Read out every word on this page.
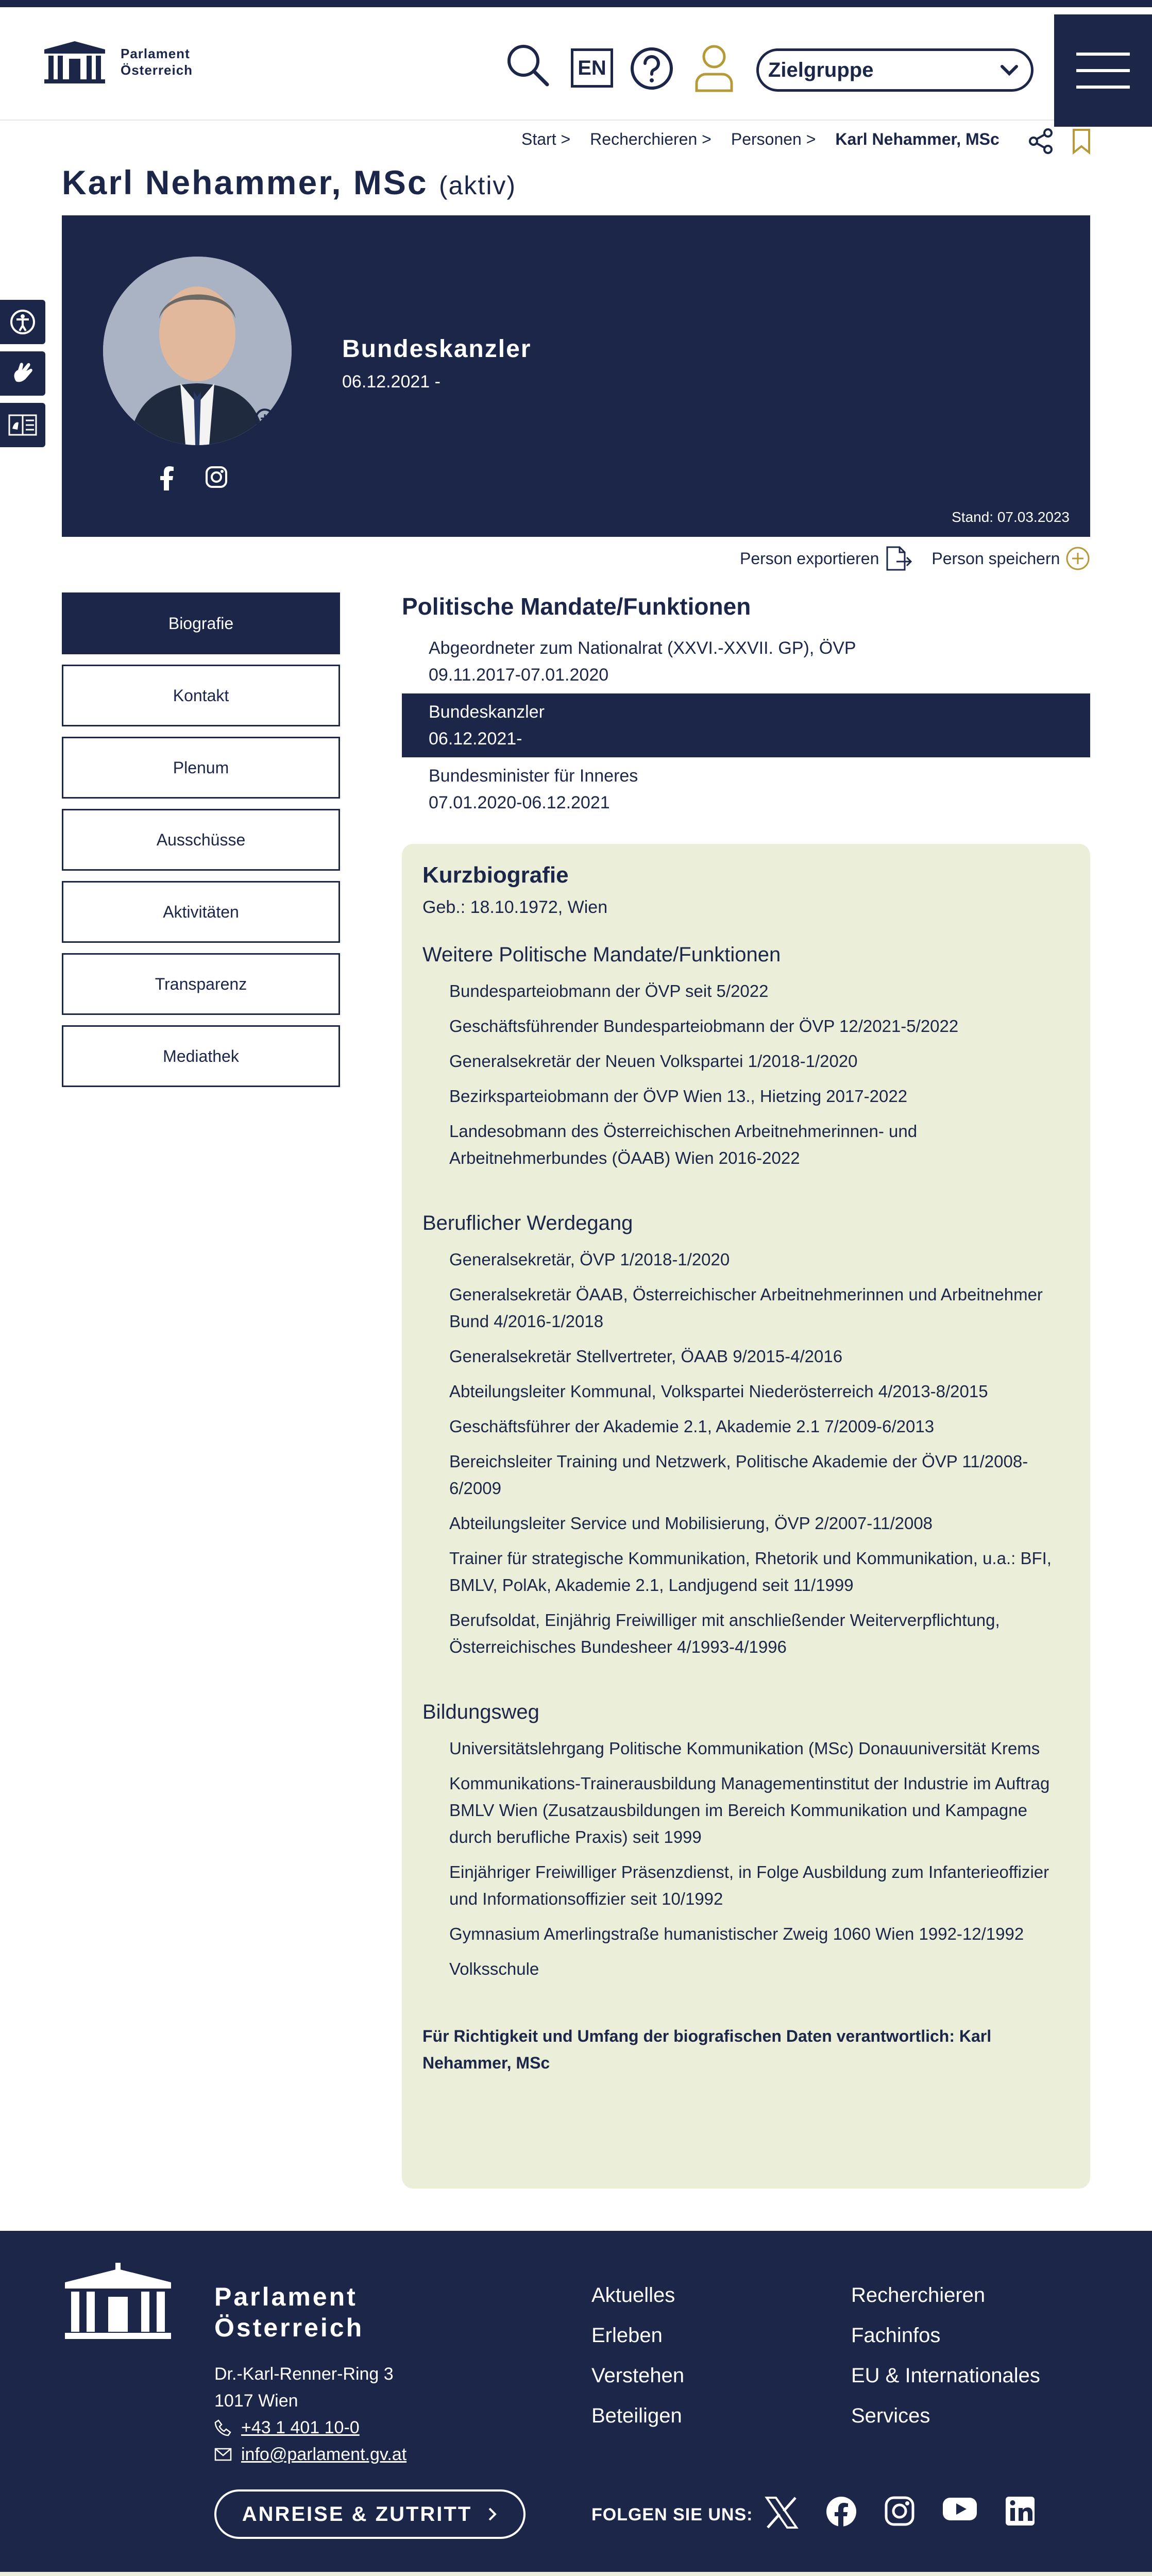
Parlament
Österreich	EN	Zielgruppe
Start > Recherchieren > Personen > Karl Nehammer, MSc
Karl Nehammer, MSc (aktiv)
Bundeskanzler
06.12.2021 -
Stand: 07.03.2023
Person exportieren	Person speichern
Biografie
Kontakt
Plenum
Ausschüsse
Aktivitäten
Transparenz
Mediathek
Politische Mandate/Funktionen
Abgeordneter zum Nationalrat (XXVI.-XXVII. GP), ÖVP
09.11.2017-07.01.2020
Bundeskanzler
06.12.2021-
Bundesminister für Inneres
07.01.2020-06.12.2021
Kurzbiografie
Geb.: 18.10.1972, Wien
Weitere Politische Mandate/Funktionen
Bundesparteiobmann der ÖVP seit 5/2022
Geschäftsführender Bundesparteiobmann der ÖVP 12/2021-5/2022
Generalsekretär der Neuen Volkspartei 1/2018-1/2020
Bezirksparteiobmann der ÖVP Wien 13., Hietzing 2017-2022
Landesobmann des Österreichischen Arbeitnehmerinnen- und Arbeitnehmerbundes (ÖAAB) Wien 2016-2022
Beruflicher Werdegang
Generalsekretär, ÖVP 1/2018-1/2020
Generalsekretär ÖAAB, Österreichischer Arbeitnehmerinnen und Arbeitnehmer Bund 4/2016-1/2018
Generalsekretär Stellvertreter, ÖAAB 9/2015-4/2016
Abteilungsleiter Kommunal, Volkspartei Niederösterreich 4/2013-8/2015
Geschäftsführer der Akademie 2.1, Akademie 2.1 7/2009-6/2013
Bereichsleiter Training und Netzwerk, Politische Akademie der ÖVP 11/2008-6/2009
Abteilungsleiter Service und Mobilisierung, ÖVP 2/2007-11/2008
Trainer für strategische Kommunikation, Rhetorik und Kommunikation, u.a.: BFI, BMLV, PolAk, Akademie 2.1, Landjugend seit 11/1999
Berufsoldat, Einjährig Freiwilliger mit anschließender Weiterverpflichtung, Österreichisches Bundesheer 4/1993-4/1996
Bildungsweg
Universitätslehrgang Politische Kommunikation (MSc) Donauuniversität Krems
Kommunikations-Trainerausbildung Managementinstitut der Industrie im Auftrag BMLV Wien (Zusatzausbildungen im Bereich Kommunikation und Kampagne durch berufliche Praxis) seit 1999
Einjähriger Freiwilliger Präsenzdienst, in Folge Ausbildung zum Infanterieoffizier und Informationsoffizier seit 10/1992
Gymnasium Amerlingstraße humanistischer Zweig 1060 Wien 1992-12/1992
Volksschule
Für Richtigkeit und Umfang der biografischen Daten verantwortlich: Karl Nehammer, MSc
Parlament
Österreich
Dr.-Karl-Renner-Ring 3
1017 Wien
+43 1 401 10-0
info@parlament.gv.at
Aktuelles
Erleben
Verstehen
Beteiligen
Recherchieren
Fachinfos
EU & Internationales
Services
ANREISE & ZUTRITT	FOLGEN SIE UNS:
